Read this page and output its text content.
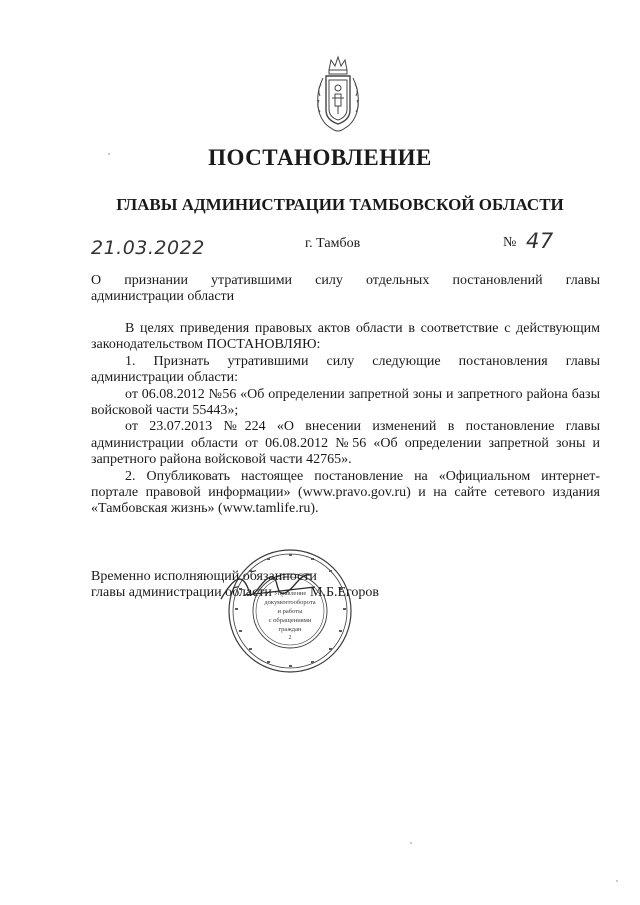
ПОСТАНОВЛЕНИЕ
ГЛАВЫ АДМИНИСТРАЦИИ ТАМБОВСКОЙ ОБЛАСТИ
21.03.2022	г. Тамбов	№ 47

О признании утратившими силу отдельных постановлений главы
администрации области

В целях приведения правовых актов области в соответствие с действующим законодательством ПОСТАНОВЛЯЮ:

1. Признать утратившими силу следующие постановления главы администрации области:

от 06.08.2012 №56 «Об определении запретной зоны и запретного района базы войсковой части 55443»;

от 23.07.2013 №224 «О внесении изменений в постановление главы администрации области от 06.08.2012 №56 «Об определении запретной зоны и запретного района войсковой части 42765».

2. Опубликовать настоящее постановление на «Официальном интернет-портале правовой информации» (www.pravo.gov.ru) и на сайте сетевого издания «Тамбовская жизнь» (www.tamlife.ru).

Управление
документооборота
и работы
с обращениями
граждан
2
Временно исполняющий обязанности
главы администрации области	М.Б.Егоров
